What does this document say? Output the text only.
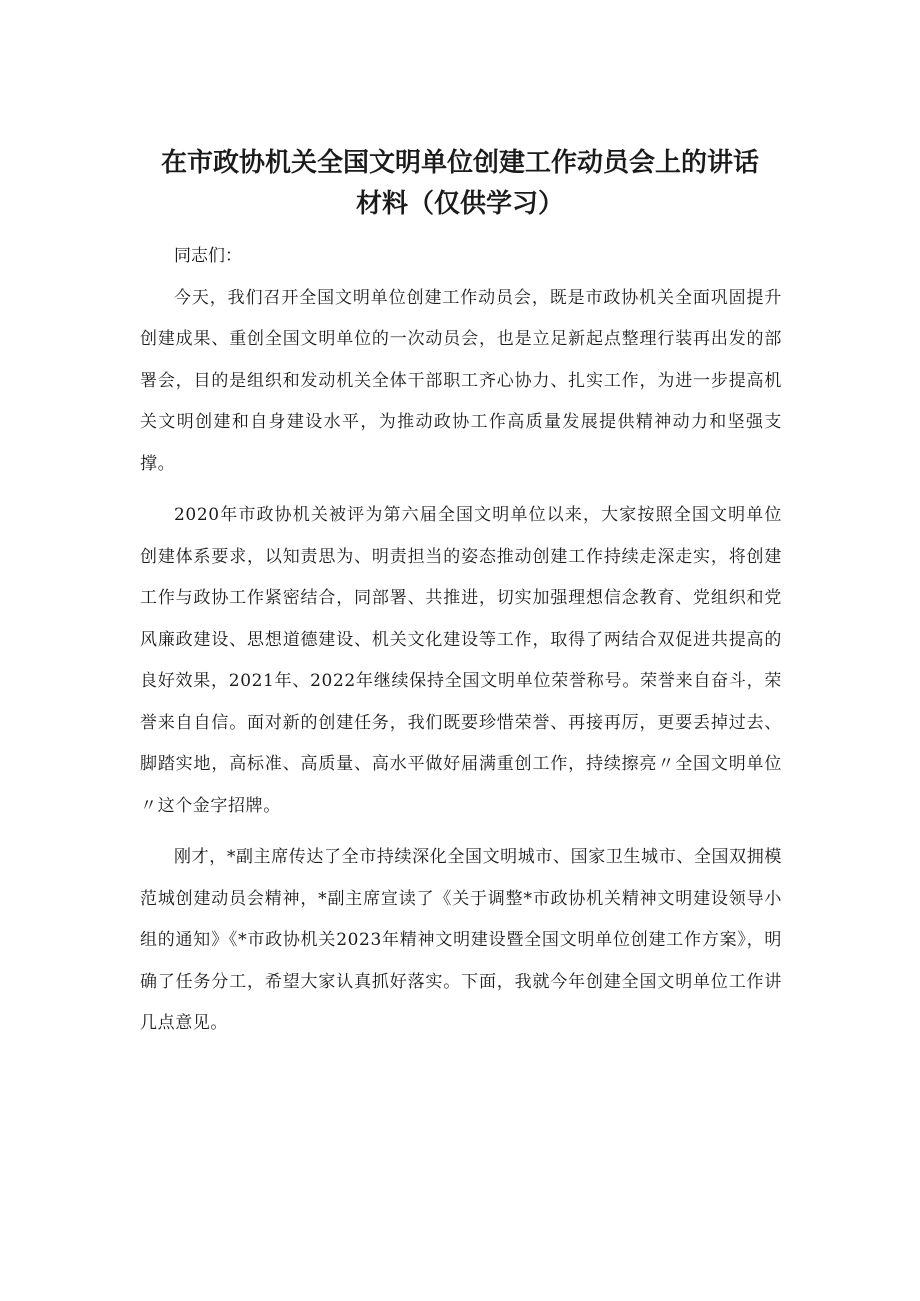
在市政协机关全国文明单位创建工作动员会上的讲话
材料（仅供学习）

同志们：

今天，我们召开全国文明单位创建工作动员会，既是市政协机关全面巩固提升创建成果、重创全国文明单位的一次动员会，也是立足新起点整理行装再出发的部署会，目的是组织和发动机关全体干部职工齐心协力、扎实工作，为进一步提高机关文明创建和自身建设水平，为推动政协工作高质量发展提供精神动力和坚强支撑。

2020年市政协机关被评为第六届全国文明单位以来，大家按照全国文明单位创建体系要求，以知责思为、明责担当的姿态推动创建工作持续走深走实，将创建工作与政协工作紧密结合，同部署、共推进，切实加强理想信念教育、党组织和党风廉政建设、思想道德建设、机关文化建设等工作，取得了两结合双促进共提高的良好效果，2021年、2022年继续保持全国文明单位荣誉称号。荣誉来自奋斗，荣誉来自自信。面对新的创建任务，我们既要珍惜荣誉、再接再厉，更要丢掉过去、脚踏实地，高标准、高质量、高水平做好届满重创工作，持续擦亮〃全国文明单位〃这个金字招牌。

刚才，*副主席传达了全市持续深化全国文明城市、国家卫生城市、全国双拥模范城创建动员会精神，*副主席宣读了《关于调整*市政协机关精神文明建设领导小组的通知》《*市政协机关2023年精神文明建设暨全国文明单位创建工作方案》，明确了任务分工，希望大家认真抓好落实。下面，我就今年创建全国文明单位工作讲几点意见。
